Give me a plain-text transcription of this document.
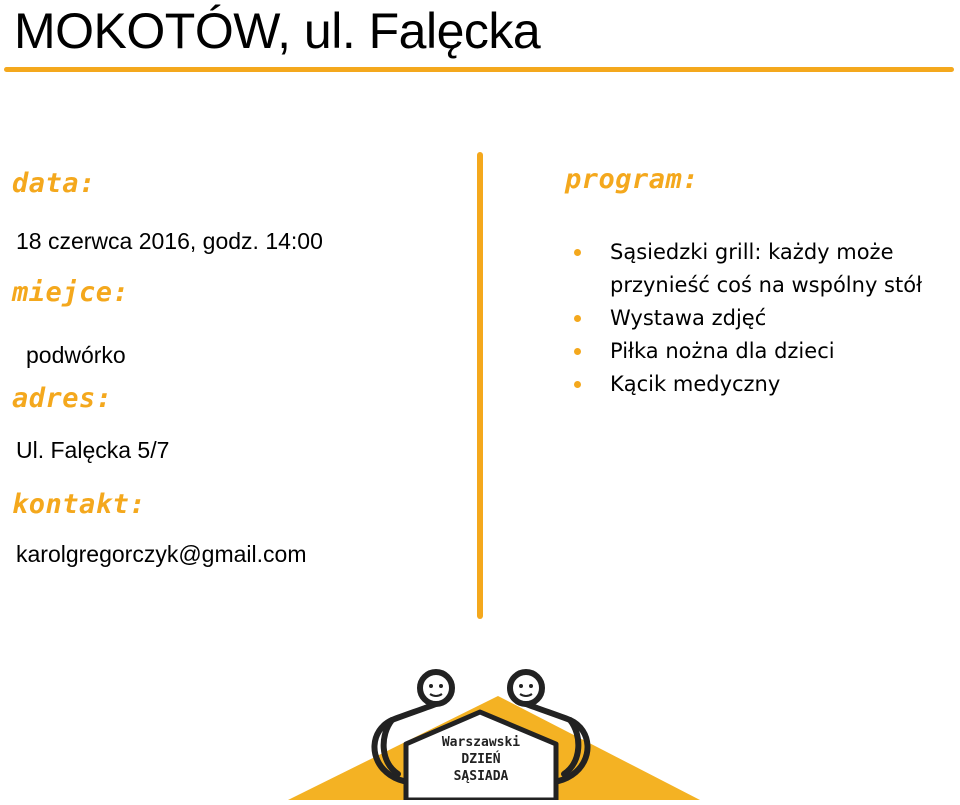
MOKOTÓW, ul. Falęcka
data:
18 czerwca 2016, godz. 14:00
miejce:
podwórko
adres:
Ul. Falęcka 5/7
kontakt:
karolgregorczyk@gmail.com
program:
Sąsiedzki grill: każdy może
przynieść coś na wspólny stół
Wystawa zdjęć
Piłka nożna dla dzieci
Kącik medyczny
Warszawski
DZIEŃ
SĄSIADA
